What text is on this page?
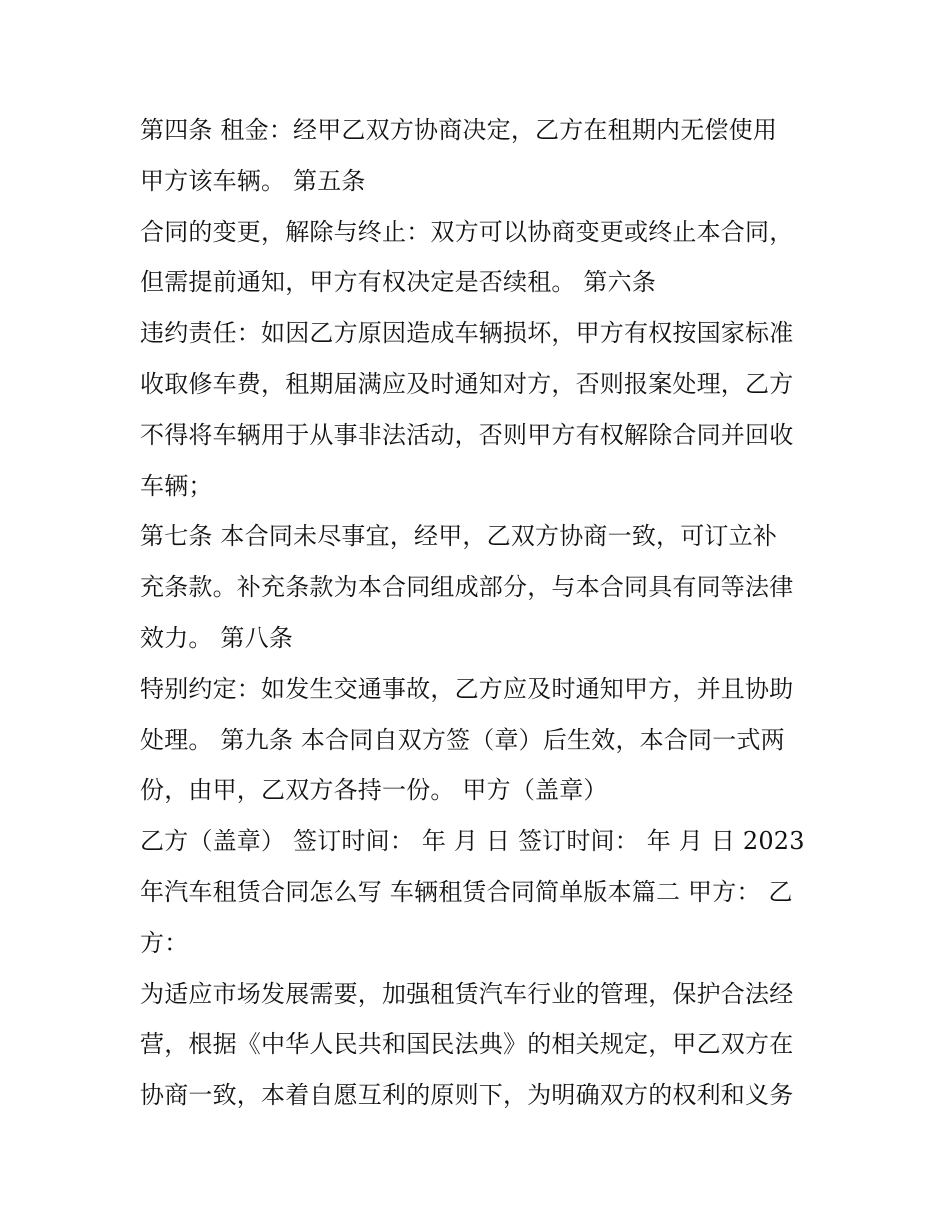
第四条 租金：经甲乙双方协商决定，乙方在租期内无偿使用
甲方该车辆。 第五条
合同的变更，解除与终止：双方可以协商变更或终止本合同，
但需提前通知，甲方有权决定是否续租。 第六条
违约责任：如因乙方原因造成车辆损坏，甲方有权按国家标准
收取修车费，租期届满应及时通知对方，否则报案处理，乙方
不得将车辆用于从事非法活动，否则甲方有权解除合同并回收
车辆；
第七条 本合同未尽事宜，经甲，乙双方协商一致，可订立补
充条款。补充条款为本合同组成部分，与本合同具有同等法律
效力。 第八条
特别约定：如发生交通事故，乙方应及时通知甲方，并且协助
处理。 第九条 本合同自双方签（章）后生效，本合同一式两
份，由甲，乙双方各持一份。 甲方（盖章）
乙方（盖章） 签订时间： 年 月 日 签订时间： 年 月 日 2023
年汽车租赁合同怎么写 车辆租赁合同简单版本篇二 甲方： 乙
方：
为适应市场发展需要，加强租赁汽车行业的管理，保护合法经
营，根据《中华人民共和国民法典》的相关规定，甲乙双方在
协商一致，本着自愿互利的原则下，为明确双方的权利和义务
